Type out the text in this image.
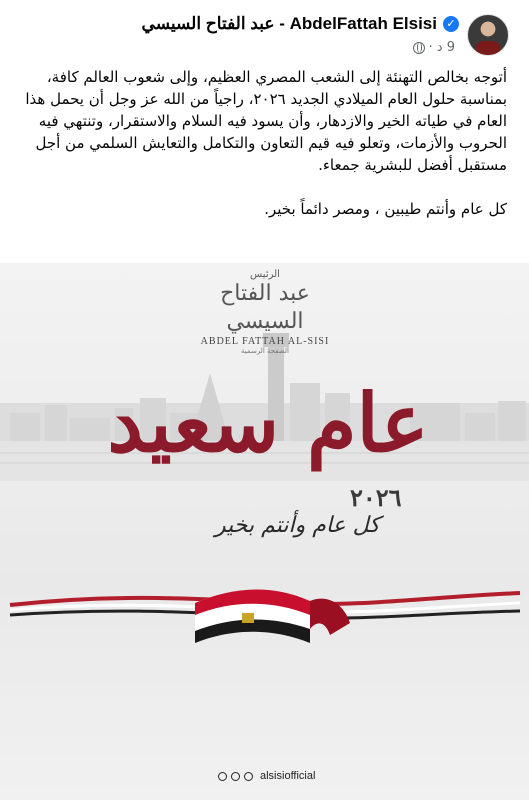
✓
AbdelFattah Elsisi - عبد الفتاح السيسي
9 د
·

أتوجه بخالص التهنئة إلى الشعب المصري العظيم، وإلى شعوب العالم كافة، بمناسبة حلول العام الميلادي الجديد ٢٠٢٦، راجياً من الله عز وجل أن يحمل هذا العام في طياته الخير والازدهار، وأن يسود فيه السلام والاستقرار، وتنتهي فيه الحروب والأزمات، وتعلو فيه قيم التعاون والتكامل والتعايش السلمي من أجل مستقبل أفضل للبشرية جمعاء.

كل عام وأنتم طيبين ، ومصر دائماً بخير.

الرئيس
عبد الفتاح السيسي
ABDEL FATTAH AL-SISI
الصفحة الرسمية
عام سعيد
٢٠٢٦
كل عام وأنتم بخير
alsisiofficial
